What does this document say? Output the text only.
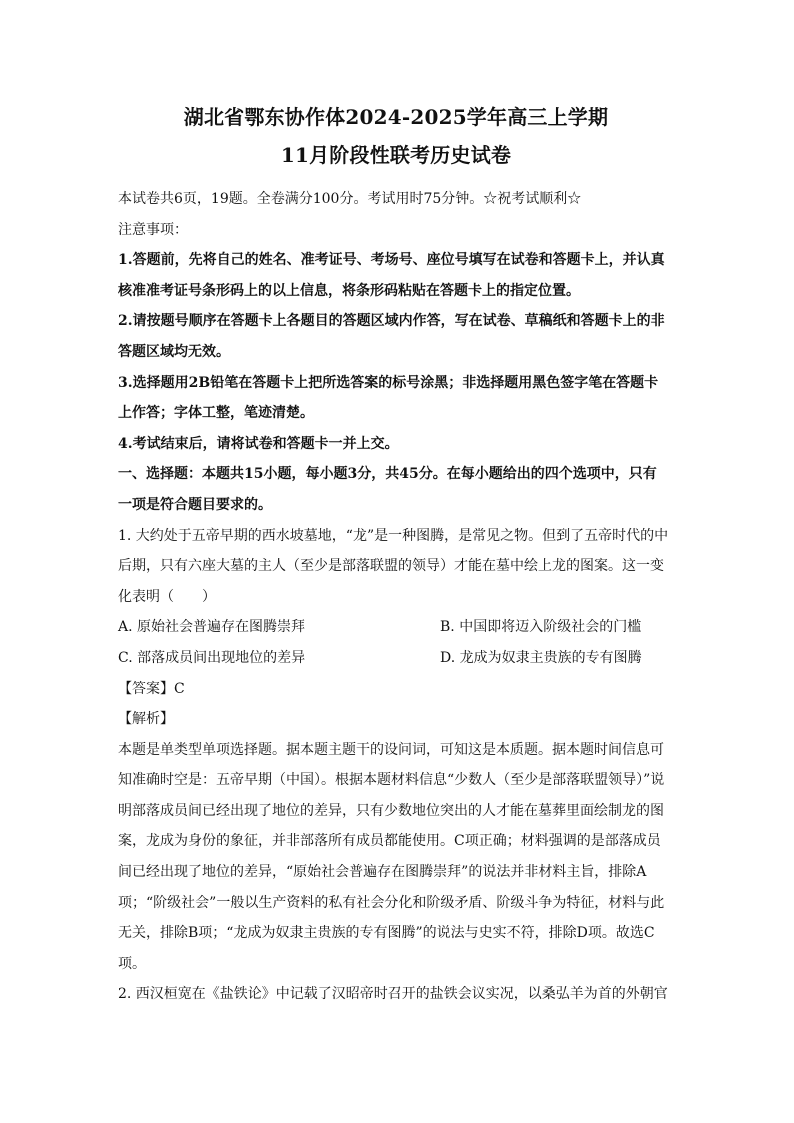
湖北省鄂东协作体2024-2025学年高三上学期
11月阶段性联考历史试卷

本试卷共6页，19题。全卷满分100分。考试用时75分钟。☆祝考试顺利☆

注意事项：

1.答题前，先将自己的姓名、准考证号、考场号、座位号填写在试卷和答题卡上，并认真

核准准考证号条形码上的以上信息，将条形码粘贴在答题卡上的指定位置。

2.请按题号顺序在答题卡上各题目的答题区域内作答，写在试卷、草稿纸和答题卡上的非

答题区域均无效。

3.选择题用2B铅笔在答题卡上把所选答案的标号涂黑；非选择题用黑色签字笔在答题卡

上作答；字体工整，笔迹清楚。

4.考试结束后，请将试卷和答题卡一并上交。

一、选择题：本题共15小题，每小题3分，共45分。在每小题给出的四个选项中，只有

一项是符合题目要求的。

1. 大约处于五帝早期的西水坡墓地，“龙”是一种图腾，是常见之物。但到了五帝时代的中

后期，只有六座大墓的主人（至少是部落联盟的领导）才能在墓中绘上龙的图案。这一变

化表明（　　）

A. 原始社会普遍存在图腾崇拜	B. 中国即将迈入阶级社会的门槛
C. 部落成员间出现地位的差异	D. 龙成为奴隶主贵族的专有图腾

【答案】C

【解析】

本题是单类型单项选择题。据本题主题干的设问词，可知这是本质题。据本题时间信息可

知准确时空是：五帝早期（中国）。根据本题材料信息“少数人（至少是部落联盟领导）”说

明部落成员间已经出现了地位的差异，只有少数地位突出的人才能在墓葬里面绘制龙的图

案，龙成为身份的象征，并非部落所有成员都能使用。C项正确；材料强调的是部落成员

间已经出现了地位的差异，“原始社会普遍存在图腾崇拜”的说法并非材料主旨，排除A

项；“阶级社会”一般以生产资料的私有社会分化和阶级矛盾、阶级斗争为特征，材料与此

无关，排除B项；“龙成为奴隶主贵族的专有图腾”的说法与史实不符，排除D项。故选C

项。

2. 西汉桓宽在《盐铁论》中记载了汉昭帝时召开的盐铁会议实况，以桑弘羊为首的外朝官
